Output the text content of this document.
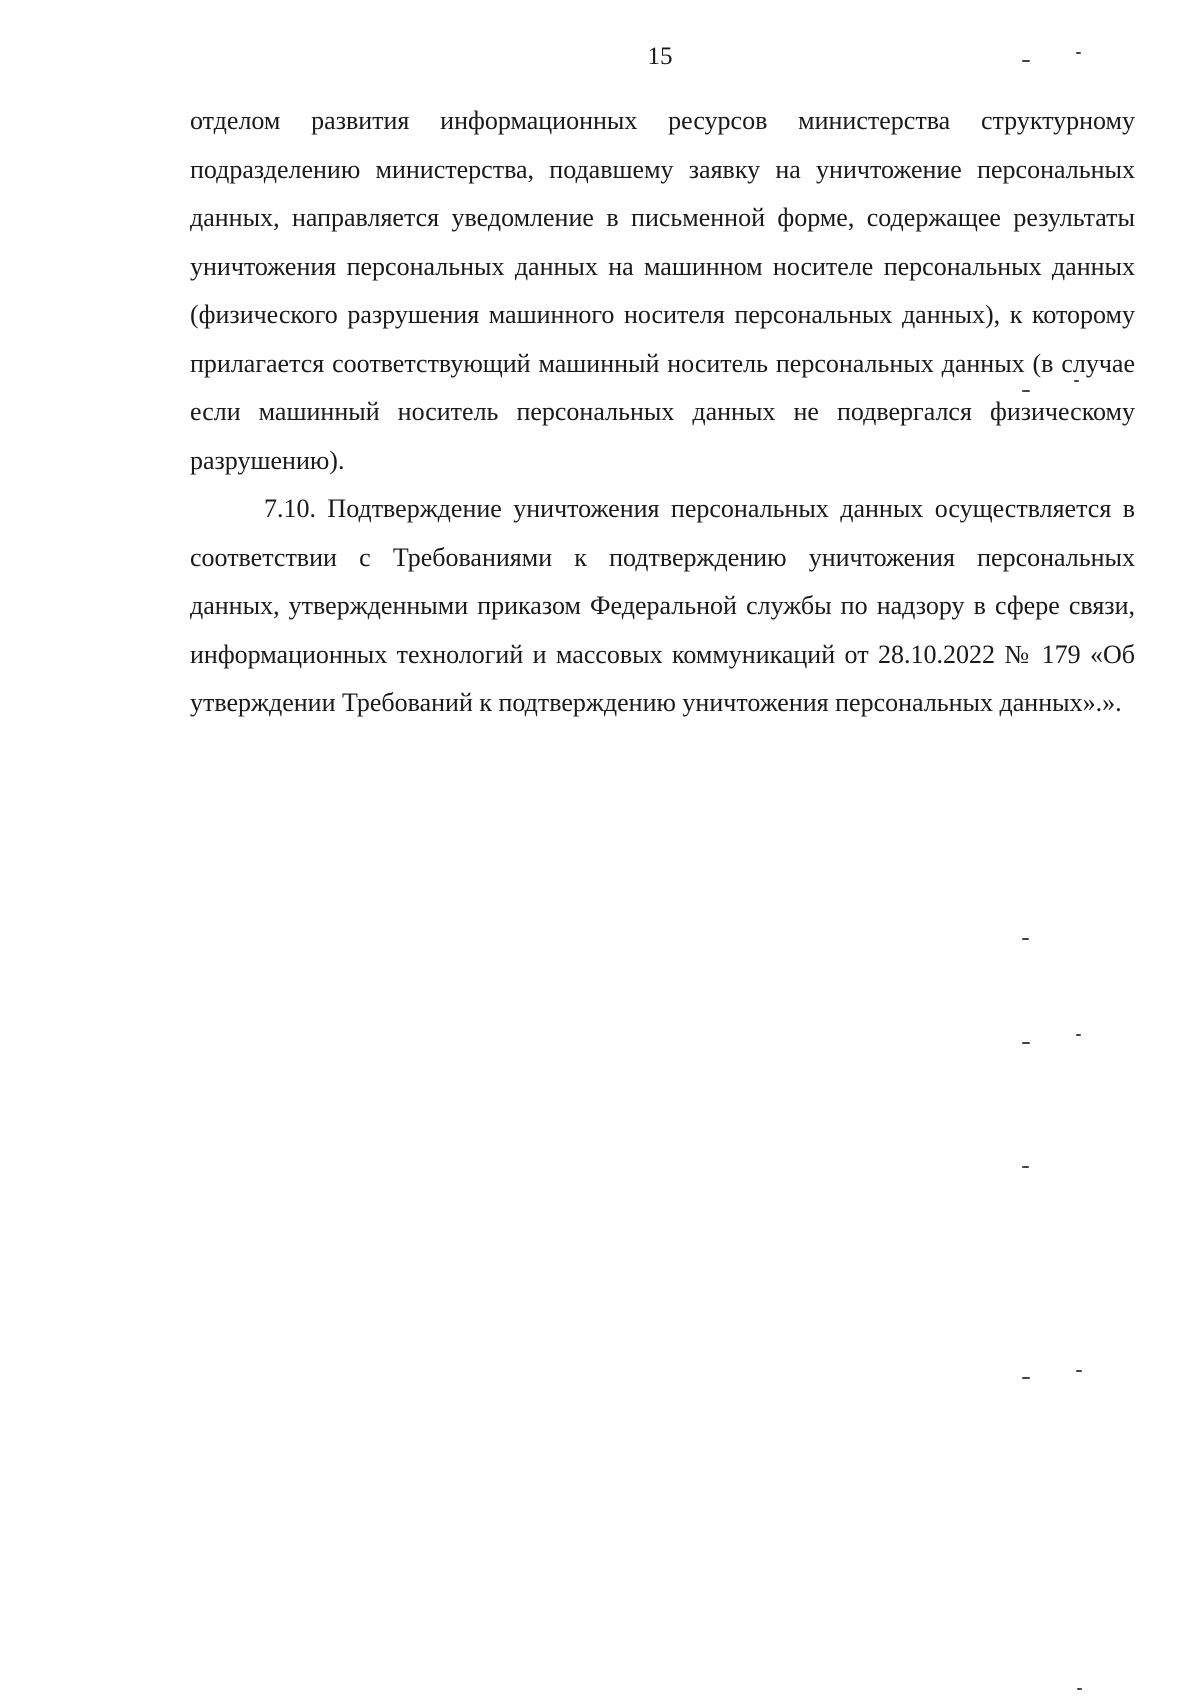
15

отделом развития информационных ресурсов министерства структурному подразделению министерства, подавшему заявку на уничтожение персональных данных, направляется уведомление в письменной форме, содержащее результаты уничтожения персональных данных на машинном носителе персональных данных (физического разрушения машинного носителя персональных данных), к которому прилагается соответствующий машинный носитель персональных данных (в случае если машинный носитель персональных данных не подвергался физическому разрушению).

7.10. Подтверждение уничтожения персональных данных осуществляется в соответствии с Требованиями к подтверждению уничтожения персональных данных, утвержденными приказом Федеральной службы по надзору в сфере связи, информационных технологий и массовых коммуникаций от 28.10.2022 № 179 «Об утверждении Требований к подтверждению уничтожения персональных данных».».
